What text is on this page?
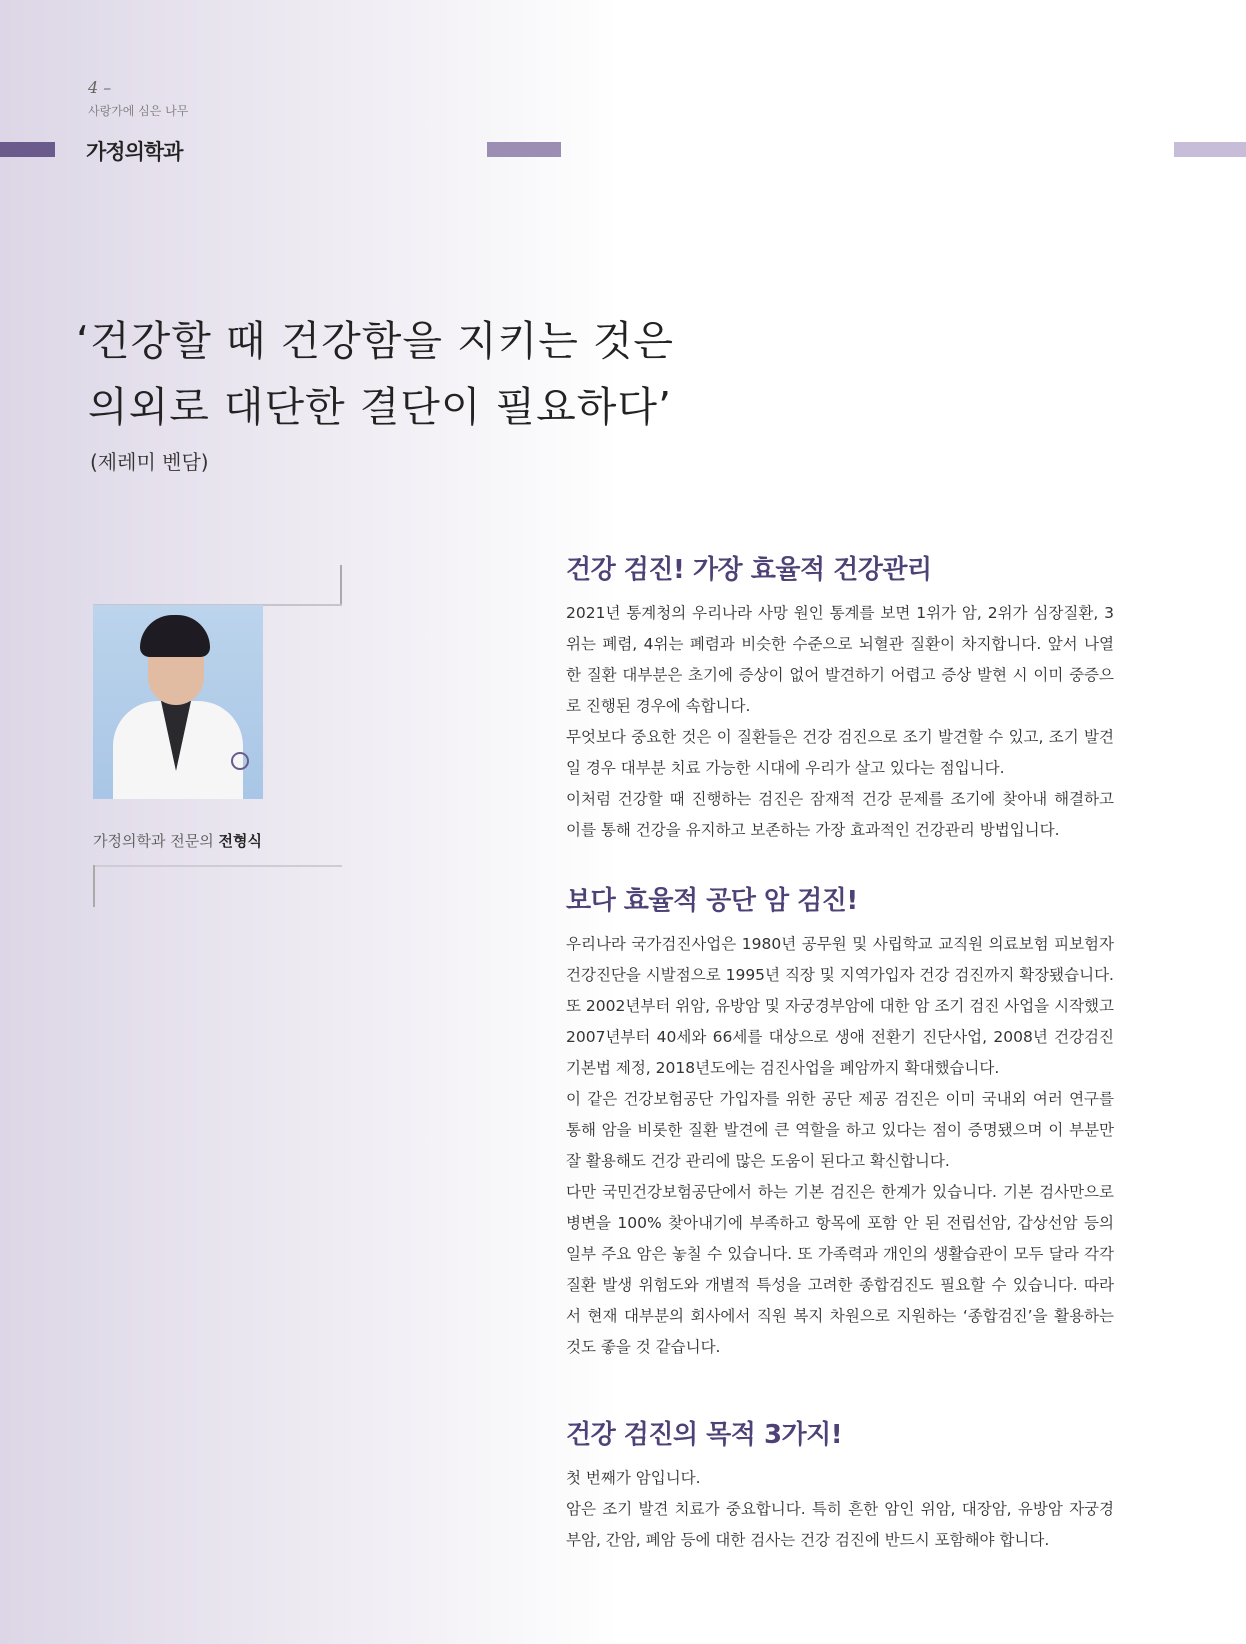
4 –
사랑가에 심은 나무
가정의학과
‘건강할 때 건강함을 지키는 것은
의외로 대단한 결단이 필요하다’
(제레미 벤담)
가정의학과 전문의 전형식
건강 검진! 가장 효율적 건강관리

2021년 통계청의 우리나라 사망 원인 통계를 보면 1위가 암, 2위가 심장질환, 3위는 폐렴, 4위는 폐렴과 비슷한 수준으로 뇌혈관 질환이 차지합니다. 앞서 나열한 질환 대부분은 초기에 증상이 없어 발견하기 어렵고 증상 발현 시 이미 중증으로 진행된 경우에 속합니다.

무엇보다 중요한 것은 이 질환들은 건강 검진으로 조기 발견할 수 있고, 조기 발견일 경우 대부분 치료 가능한 시대에 우리가 살고 있다는 점입니다.

이처럼 건강할 때 진행하는 검진은 잠재적 건강 문제를 조기에 찾아내 해결하고 이를 통해 건강을 유지하고 보존하는 가장 효과적인 건강관리 방법입니다.

보다 효율적 공단 암 검진!

우리나라 국가검진사업은 1980년 공무원 및 사립학교 교직원 의료보험 피보험자 건강진단을 시발점으로 1995년 직장 및 지역가입자 건강 검진까지 확장됐습니다. 또 2002년부터 위암, 유방암 및 자궁경부암에 대한 암 조기 검진 사업을 시작했고 2007년부터 40세와 66세를 대상으로 생애 전환기 진단사업, 2008년 건강검진기본법 제정, 2018년도에는 검진사업을 폐암까지 확대했습니다.

이 같은 건강보험공단 가입자를 위한 공단 제공 검진은 이미 국내외 여러 연구를 통해 암을 비롯한 질환 발견에 큰 역할을 하고 있다는 점이 증명됐으며 이 부분만 잘 활용해도 건강 관리에 많은 도움이 된다고 확신합니다.

다만 국민건강보험공단에서 하는 기본 검진은 한계가 있습니다. 기본 검사만으로 병변을 100% 찾아내기에 부족하고 항목에 포함 안 된 전립선암, 갑상선암 등의 일부 주요 암은 놓칠 수 있습니다. 또 가족력과 개인의 생활습관이 모두 달라 각각 질환 발생 위험도와 개별적 특성을 고려한 종합검진도 필요할 수 있습니다. 따라서 현재 대부분의 회사에서 직원 복지 차원으로 지원하는 ‘종합검진’을 활용하는 것도 좋을 것 같습니다.

건강 검진의 목적 3가지!

첫 번째가 암입니다.

암은 조기 발견 치료가 중요합니다. 특히 흔한 암인 위암, 대장암, 유방암 자궁경부암, 간암, 폐암 등에 대한 검사는 건강 검진에 반드시 포함해야 합니다.
